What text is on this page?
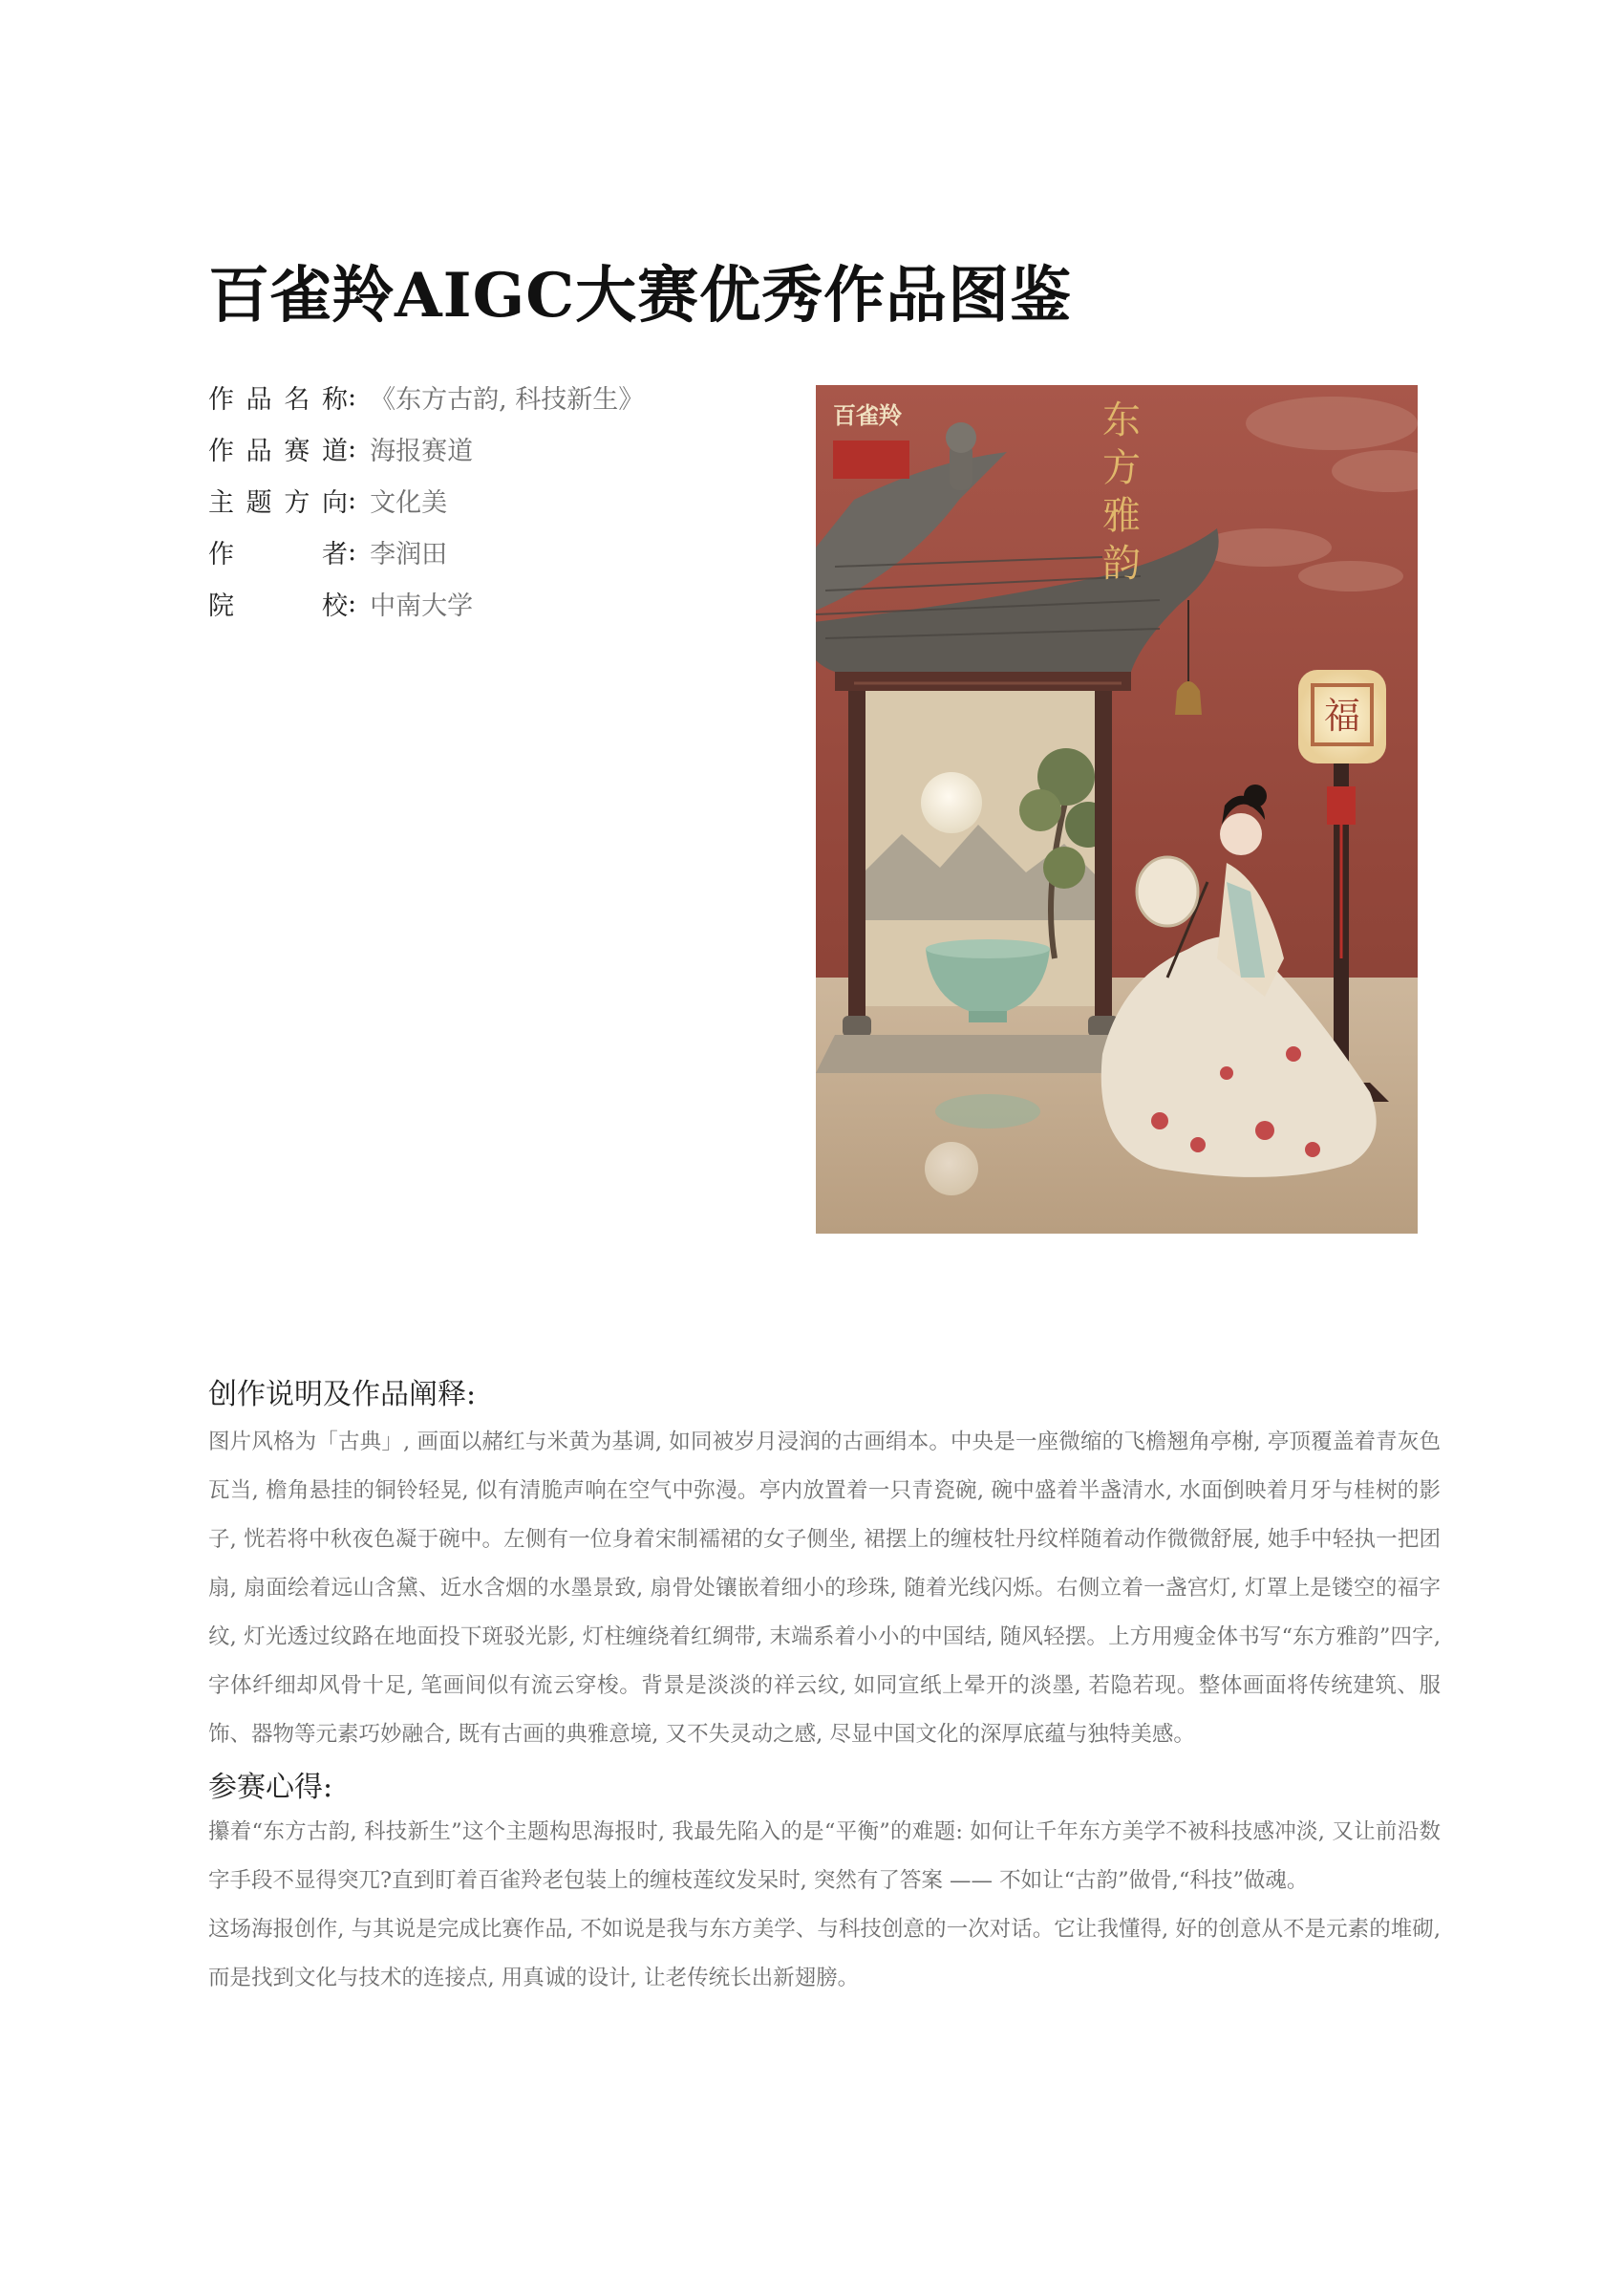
百雀羚AIGC大赛优秀作品图鉴
作品名称 : 《东方古韵, 科技新生》
作品赛道 : 海报赛道
主题方向 : 文化美
作者 : 李润田
院校 : 中南大学
福
东
方
雅
韵
百雀羚
创作说明及作品阐释:

图片风格为「古典」, 画面以赭红与米黄为基调, 如同被岁月浸润的古画绢本。中央是一座微缩的飞檐翘角亭榭, 亭顶覆盖着青灰色瓦当, 檐角悬挂的铜铃轻晃, 似有清脆声响在空气中弥漫。亭内放置着一只青瓷碗, 碗中盛着半盏清水, 水面倒映着月牙与桂树的影子, 恍若将中秋夜色凝于碗中。左侧有一位身着宋制襦裙的女子侧坐, 裙摆上的缠枝牡丹纹样随着动作微微舒展, 她手中轻执一把团扇, 扇面绘着远山含黛、近水含烟的水墨景致, 扇骨处镶嵌着细小的珍珠, 随着光线闪烁。右侧立着一盏宫灯, 灯罩上是镂空的福字纹, 灯光透过纹路在地面投下斑驳光影, 灯柱缠绕着红绸带, 末端系着小小的中国结, 随风轻摆。上方用瘦金体书写“东方雅韵”四字, 字体纤细却风骨十足, 笔画间似有流云穿梭。背景是淡淡的祥云纹, 如同宣纸上晕开的淡墨, 若隐若现。整体画面将传统建筑、服饰、器物等元素巧妙融合, 既有古画的典雅意境, 又不失灵动之感, 尽显中国文化的深厚底蕴与独特美感。

参赛心得:

攥着“东方古韵, 科技新生”这个主题构思海报时, 我最先陷入的是“平衡”的难题: 如何让千年东方美学不被科技感冲淡, 又让前沿数字手段不显得突兀?直到盯着百雀羚老包装上的缠枝莲纹发呆时, 突然有了答案 —— 不如让“古韵”做骨,“科技”做魂。

这场海报创作, 与其说是完成比赛作品, 不如说是我与东方美学、与科技创意的一次对话。它让我懂得, 好的创意从不是元素的堆砌, 而是找到文化与技术的连接点, 用真诚的设计, 让老传统长出新翅膀。
